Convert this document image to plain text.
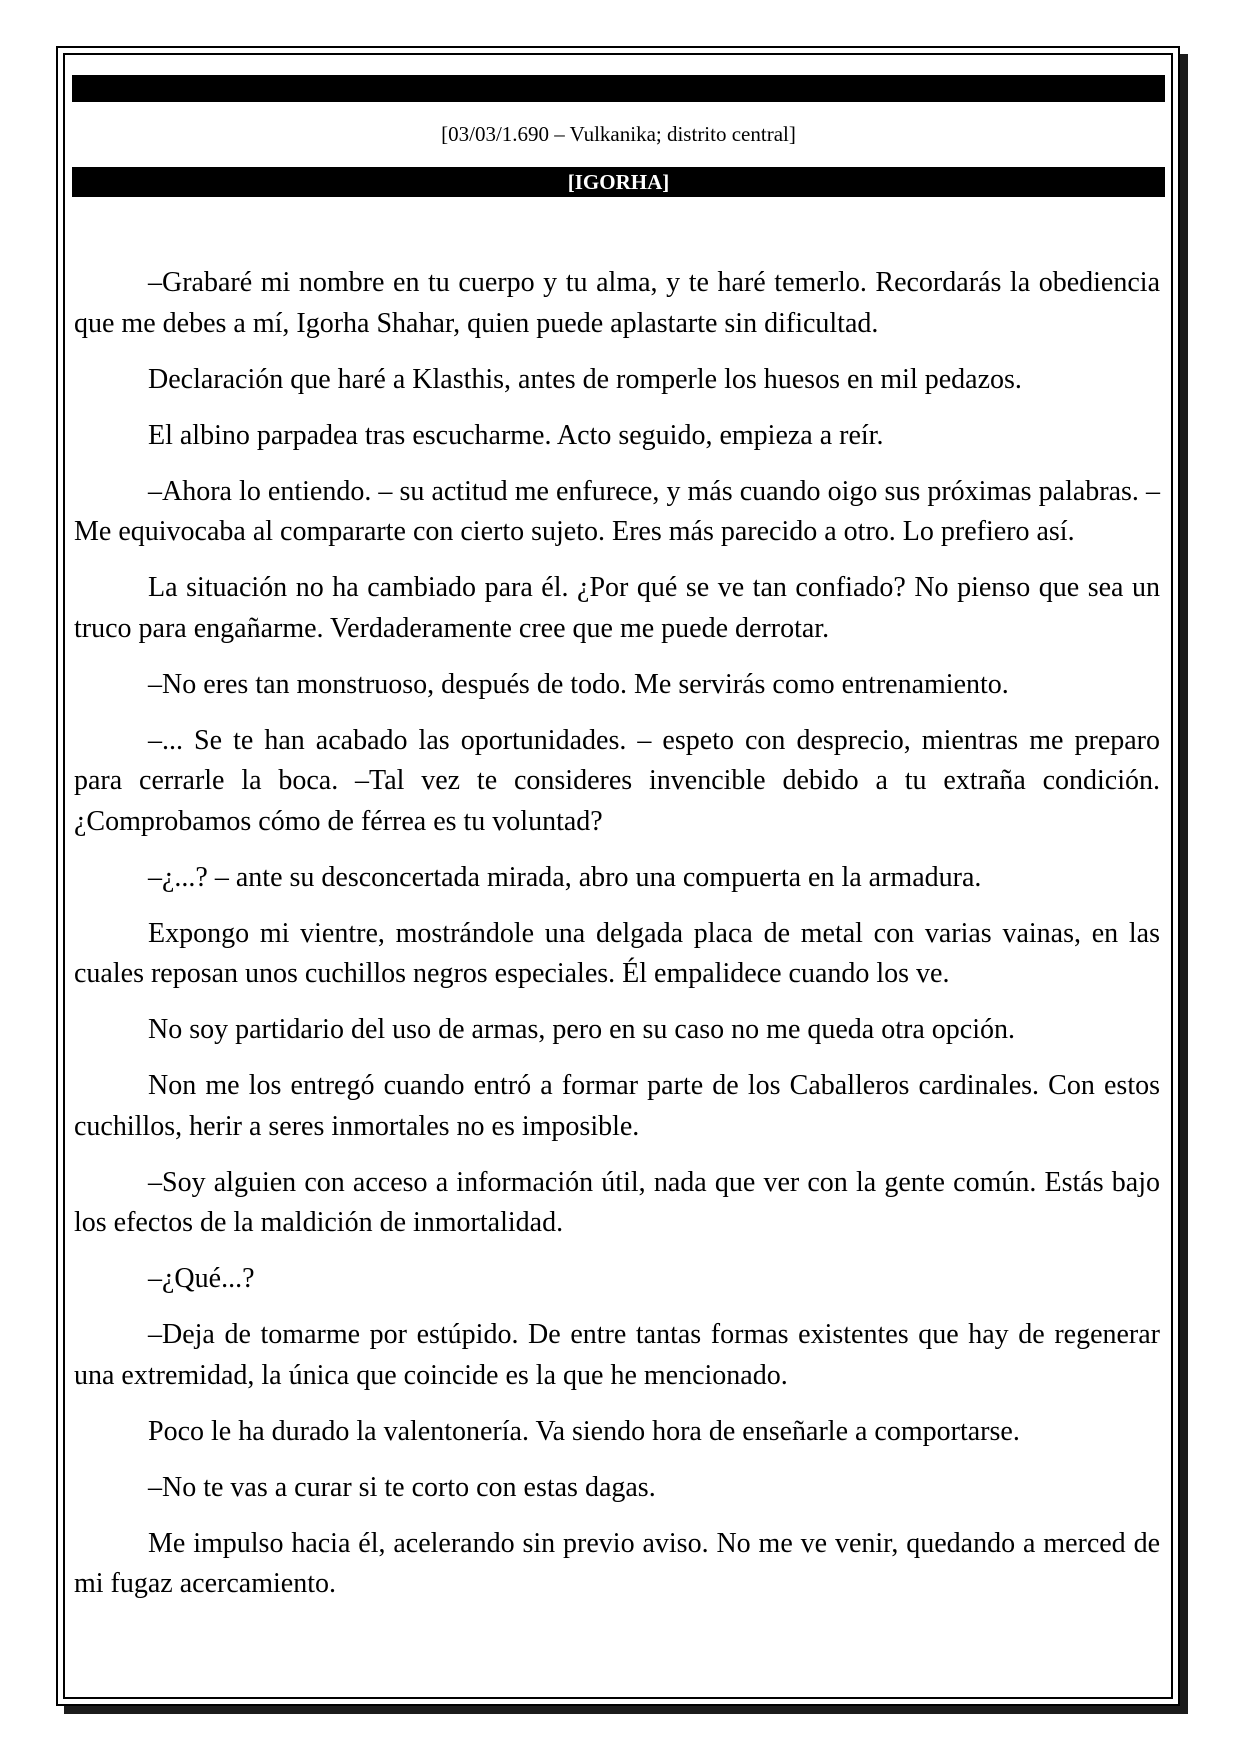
[03/03/1.690 – Vulkanika; distrito central]
[IGORHA]

–Grabaré mi nombre en tu cuerpo y tu alma, y te haré temerlo. Recordarás la obediencia que me debes a mí, Igorha Shahar, quien puede aplastarte sin dificultad.

Declaración que haré a Klasthis, antes de romperle los huesos en mil pedazos.

El albino parpadea tras escucharme. Acto seguido, empieza a reír.

–Ahora lo entiendo. – su actitud me enfurece, y más cuando oigo sus próximas palabras. –Me equivocaba al compararte con cierto sujeto. Eres más parecido a otro. Lo prefiero así.

La situación no ha cambiado para él. ¿Por qué se ve tan confiado? No pienso que sea un truco para engañarme. Verdaderamente cree que me puede derrotar.

–No eres tan monstruoso, después de todo. Me servirás como entrenamiento.

–... Se te han acabado las oportunidades. – espeto con desprecio, mientras me preparo para cerrarle la boca. –Tal vez te consideres invencible debido a tu extraña condición. ¿Comprobamos cómo de férrea es tu voluntad?

–¿...? – ante su desconcertada mirada, abro una compuerta en la armadura.

Expongo mi vientre, mostrándole una delgada placa de metal con varias vainas, en las cuales reposan unos cuchillos negros especiales. Él empalidece cuando los ve.

No soy partidario del uso de armas, pero en su caso no me queda otra opción.

Non me los entregó cuando entró a formar parte de los Caballeros cardinales. Con estos cuchillos, herir a seres inmortales no es imposible.

–Soy alguien con acceso a información útil, nada que ver con la gente común. Estás bajo los efectos de la maldición de inmortalidad.

–¿Qué...?

–Deja de tomarme por estúpido. De entre tantas formas existentes que hay de regenerar una extremidad, la única que coincide es la que he mencionado.

Poco le ha durado la valentonería. Va siendo hora de enseñarle a comportarse.

–No te vas a curar si te corto con estas dagas.

Me impulso hacia él, acelerando sin previo aviso. No me ve venir, quedando a merced de mi fugaz acercamiento.
